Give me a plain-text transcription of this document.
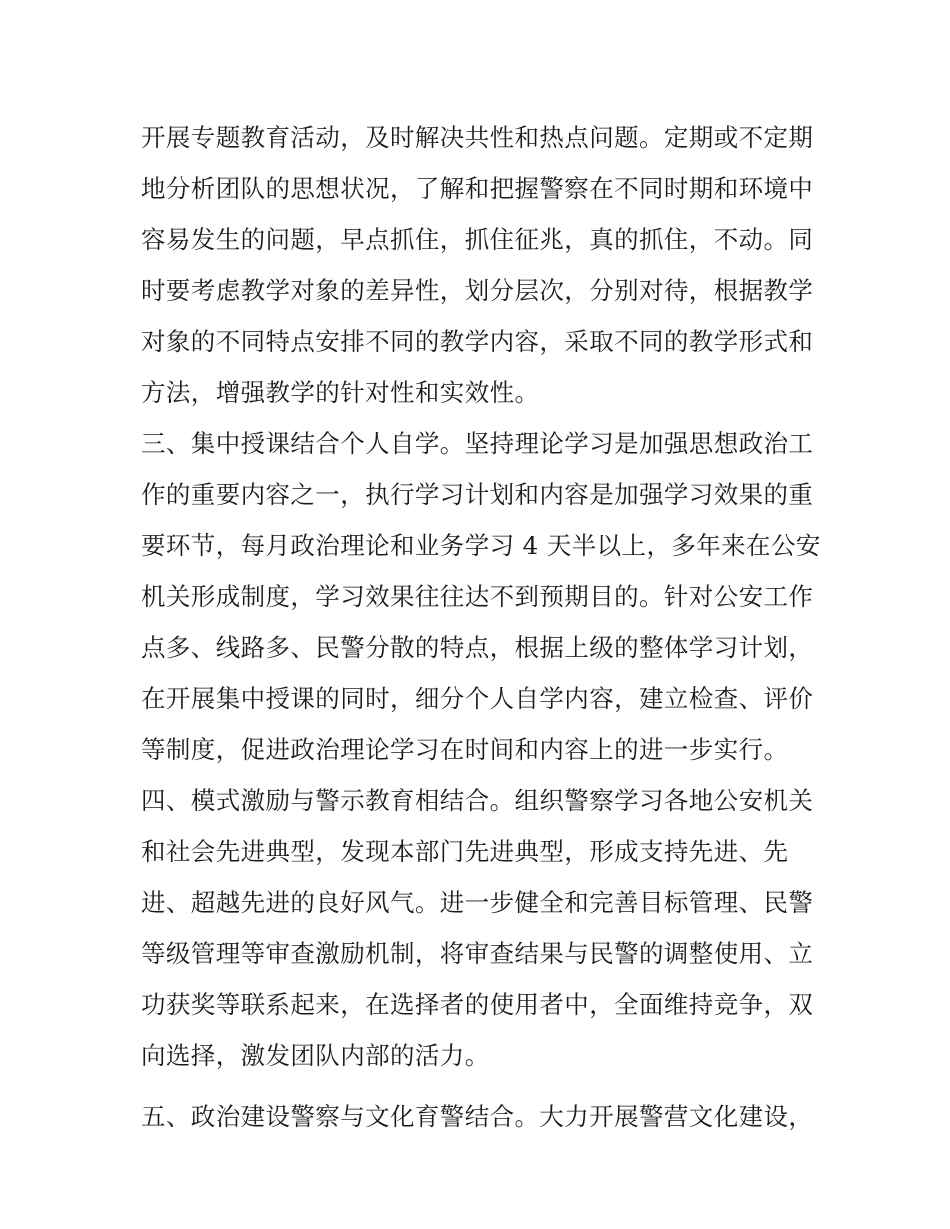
开展专题教育活动，及时解决共性和热点问题。定期或不定期
地分析团队的思想状况，了解和把握警察在不同时期和环境中
容易发生的问题，早点抓住，抓住征兆，真的抓住，不动。同
时要考虑教学对象的差异性，划分层次，分别对待，根据教学
对象的不同特点安排不同的教学内容，采取不同的教学形式和
方法，增强教学的针对性和实效性。
三、集中授课结合个人自学。坚持理论学习是加强思想政治工
作的重要内容之一，执行学习计划和内容是加强学习效果的重
要环节，每月政治理论和业务学习 4 天半以上，多年来在公安
机关形成制度，学习效果往往达不到预期目的。针对公安工作
点多、线路多、民警分散的特点，根据上级的整体学习计划，
在开展集中授课的同时，细分个人自学内容，建立检查、评价
等制度，促进政治理论学习在时间和内容上的进一步实行。
四、模式激励与警示教育相结合。组织警察学习各地公安机关
和社会先进典型，发现本部门先进典型，形成支持先进、先
进、超越先进的良好风气。进一步健全和完善目标管理、民警
等级管理等审查激励机制，将审查结果与民警的调整使用、立
功获奖等联系起来，在选择者的使用者中，全面维持竞争，双
向选择，激发团队内部的活力。
五、政治建设警察与文化育警结合。大力开展警营文化建设，
